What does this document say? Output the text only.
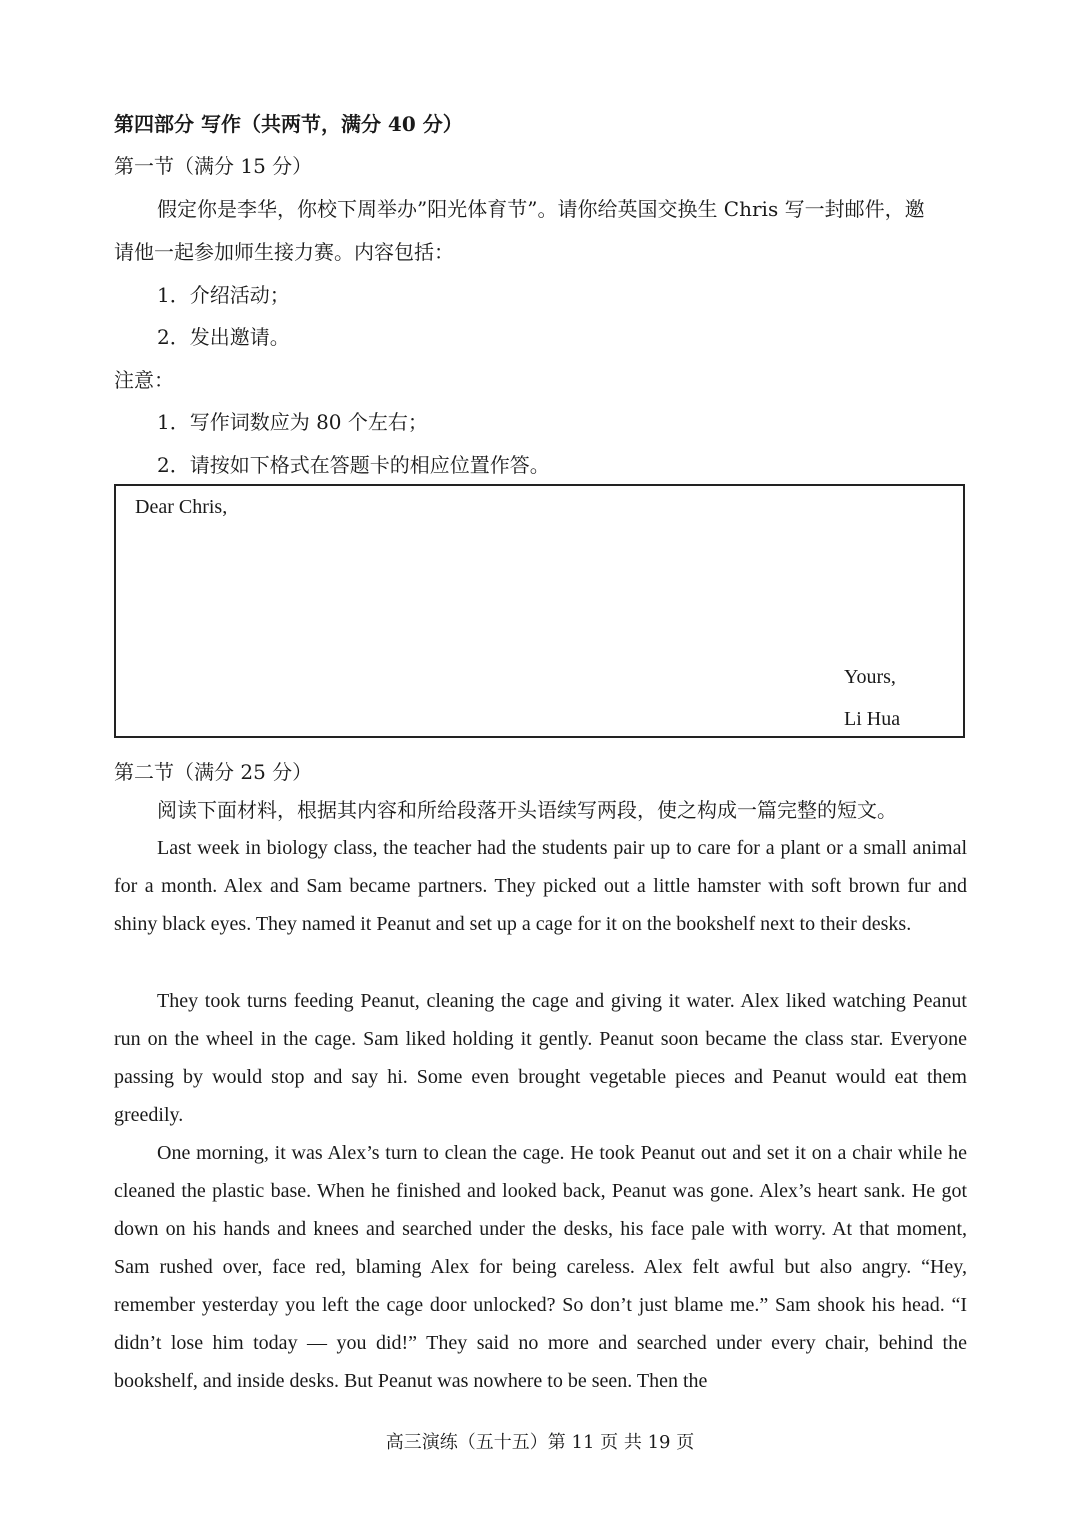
第四部分 写作（共两节，满分 40 分）
第一节（满分 15 分）
假定你是李华，你校下周举办”阳光体育节”。请你给英国交换生 Chris 写一封邮件，邀
请他一起参加师生接力赛。内容包括：
1．介绍活动；
2．发出邀请。
注意：
1．写作词数应为 80 个左右；
2．请按如下格式在答题卡的相应位置作答。
Dear Chris,
Yours,
Li Hua
第二节（满分 25 分）
阅读下面材料，根据其内容和所给段落开头语续写两段，使之构成一篇完整的短文。
Last week in biology class, the teacher had the students pair up to care for a plant or a small animal for a month. Alex and Sam became partners. They picked out a little hamster with soft brown fur and shiny black eyes. They named it Peanut and set up a cage for it on the bookshelf next to their desks.
They took turns feeding Peanut, cleaning the cage and giving it water. Alex liked watching Peanut run on the wheel in the cage. Sam liked holding it gently. Peanut soon became the class star. Everyone passing by would stop and say hi. Some even brought vegetable pieces and Peanut would eat them greedily.
One morning, it was Alex’s turn to clean the cage. He took Peanut out and set it on a chair while he cleaned the plastic base. When he finished and looked back, Peanut was gone. Alex’s heart sank. He got down on his hands and knees and searched under the desks, his face pale with worry. At that moment, Sam rushed over, face red, blaming Alex for being careless. Alex felt awful but also angry. “Hey, remember yesterday you left the cage door unlocked? So don’t just blame me.” Sam shook his head. “I didn’t lose him today — you did!” They said no more and searched under every chair, behind the bookshelf, and inside desks. But Peanut was nowhere to be seen. Then the
高三演练（五十五）第 11 页 共 19 页
